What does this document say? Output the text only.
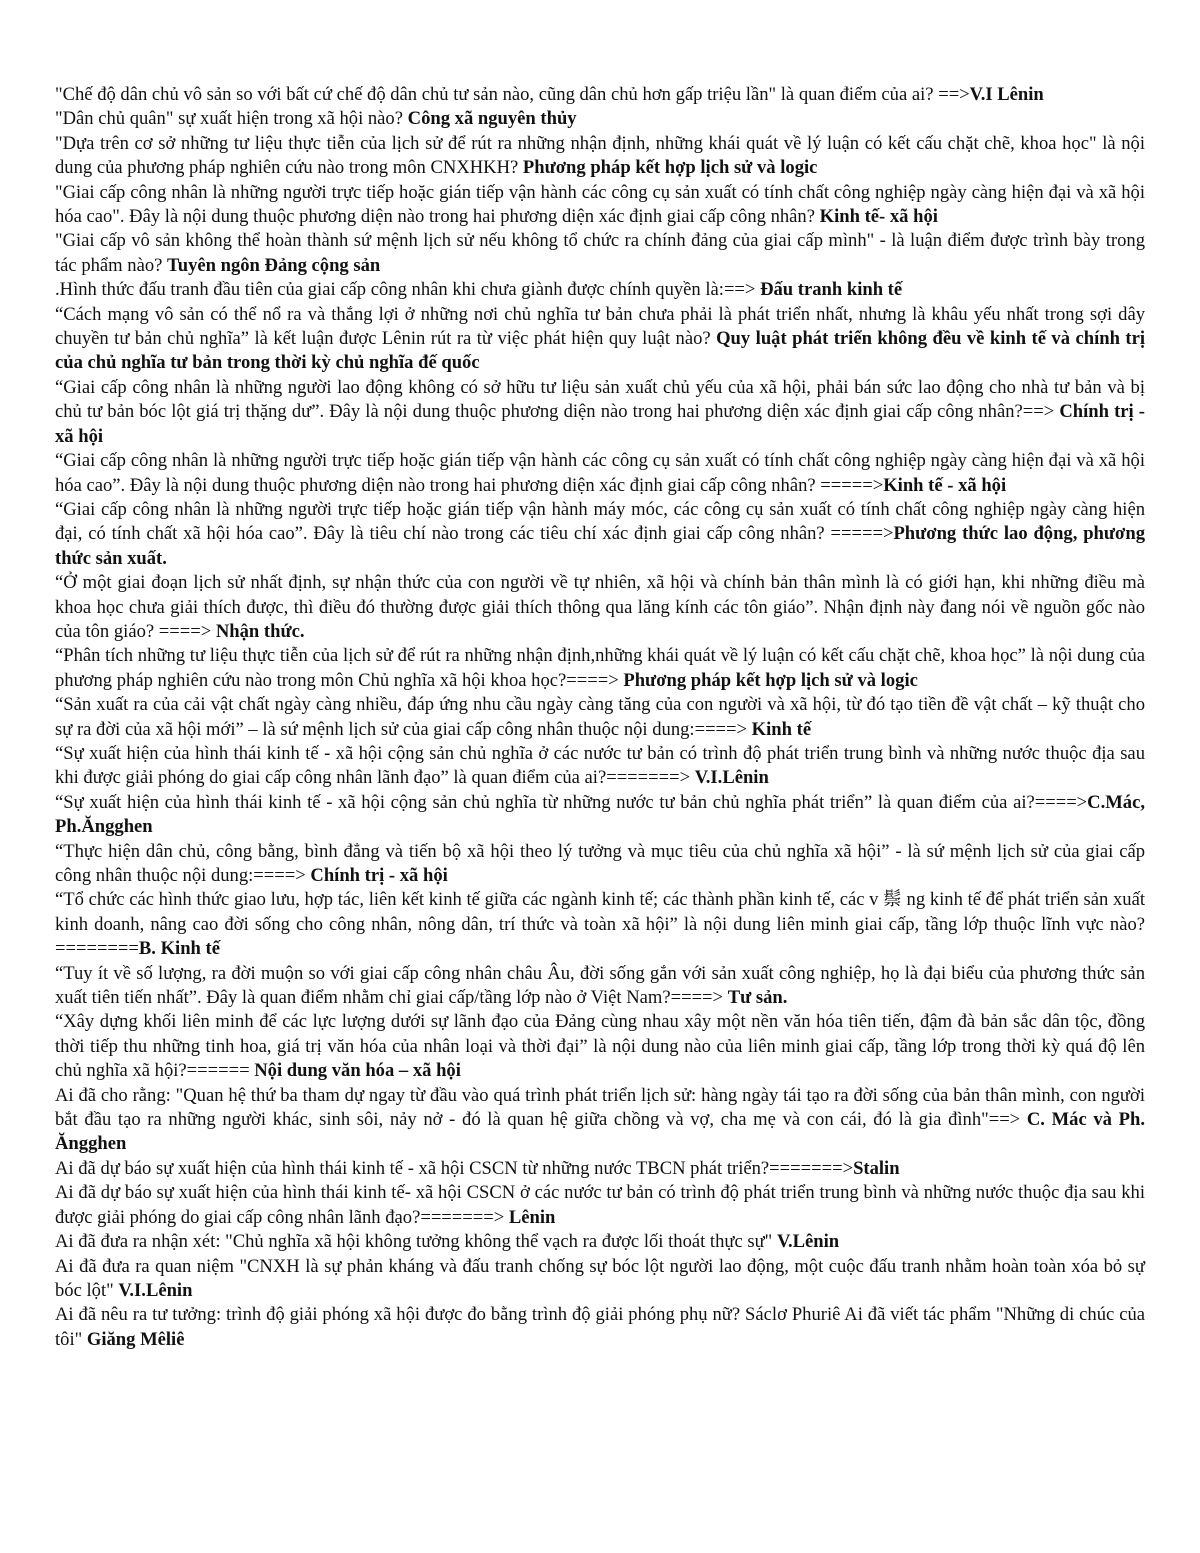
"Chế độ dân chủ vô sản so với bất cứ chế độ dân chủ tư sản nào, cũng dân chủ hơn gấp triệu lần" là quan điểm của ai? ==>V.I Lênin

"Dân chủ quân" sự xuất hiện trong xã hội nào? Công xã nguyên thủy

"Dựa trên cơ sở những tư liệu thực tiễn của lịch sử để rút ra những nhận định, những khái quát về lý luận có kết cấu chặt chẽ, khoa học" là nội dung của phương pháp nghiên cứu nào trong môn CNXHKH? Phương pháp kết hợp lịch sử và logic

"Giai cấp công nhân là những người trực tiếp hoặc gián tiếp vận hành các công cụ sản xuất có tính chất công nghiệp ngày càng hiện đại và xã hội hóa cao". Đây là nội dung thuộc phương diện nào trong hai phương diện xác định giai cấp công nhân? Kinh tế- xã hội

"Giai cấp vô sản không thể hoàn thành sứ mệnh lịch sử nếu không tổ chức ra chính đảng của giai cấp mình" - là luận điểm được trình bày trong tác phẩm nào? Tuyên ngôn Đảng cộng sản

.Hình thức đấu tranh đầu tiên của giai cấp công nhân khi chưa giành được chính quyền là:==> Đấu tranh kinh tế

“Cách mạng vô sản có thể nổ ra và thắng lợi ở những nơi chủ nghĩa tư bản chưa phải là phát triển nhất, nhưng là khâu yếu nhất trong sợi dây chuyền tư bản chủ nghĩa” là kết luận được Lênin rút ra từ việc phát hiện quy luật nào? Quy luật phát triển không đều về kinh tế và chính trị của chủ nghĩa tư bản trong thời kỳ chủ nghĩa đế quốc

“Giai cấp công nhân là những người lao động không có sở hữu tư liệu sản xuất chủ yếu của xã hội, phải bán sức lao động cho nhà tư bản và bị chủ tư bản bóc lột giá trị thặng dư”. Đây là nội dung thuộc phương diện nào trong hai phương diện xác định giai cấp công nhân?==> Chính trị - xã hội

“Giai cấp công nhân là những người trực tiếp hoặc gián tiếp vận hành các công cụ sản xuất có tính chất công nghiệp ngày càng hiện đại và xã hội hóa cao”. Đây là nội dung thuộc phương diện nào trong hai phương diện xác định giai cấp công nhân? =====>Kinh tế - xã hội

“Giai cấp công nhân là những người trực tiếp hoặc gián tiếp vận hành máy móc, các công cụ sản xuất có tính chất công nghiệp ngày càng hiện đại, có tính chất xã hội hóa cao”. Đây là tiêu chí nào trong các tiêu chí xác định giai cấp công nhân? =====>Phương thức lao động, phương thức sản xuất.

“Ở một giai đoạn lịch sử nhất định, sự nhận thức của con người về tự nhiên, xã hội và chính bản thân mình là có giới hạn, khi những điều mà khoa học chưa giải thích được, thì điều đó thường được giải thích thông qua lăng kính các tôn giáo”. Nhận định này đang nói về nguồn gốc nào của tôn giáo? ====> Nhận thức.

“Phân tích những tư liệu thực tiễn của lịch sử để rút ra những nhận định,những khái quát về lý luận có kết cấu chặt chẽ, khoa học” là nội dung của phương pháp nghiên cứu nào trong môn Chủ nghĩa xã hội khoa học?====> Phương pháp kết hợp lịch sử và logic

“Sản xuất ra của cải vật chất ngày càng nhiều, đáp ứng nhu cầu ngày càng tăng của con người và xã hội, từ đó tạo tiền đề vật chất – kỹ thuật cho sự ra đời của xã hội mới” – là sứ mệnh lịch sử của giai cấp công nhân thuộc nội dung:====> Kinh tế

“Sự xuất hiện của hình thái kinh tế - xã hội cộng sản chủ nghĩa ở các nước tư bản có trình độ phát triển trung bình và những nước thuộc địa sau khi được giải phóng do giai cấp công nhân lãnh đạo” là quan điểm của ai?=======> V.I.Lênin

“Sự xuất hiện của hình thái kinh tế - xã hội cộng sản chủ nghĩa từ những nước tư bản chủ nghĩa phát triển” là quan điểm của ai?====>C.Mác, Ph.Ăngghen

“Thực hiện dân chủ, công bằng, bình đẳng và tiến bộ xã hội theo lý tưởng và mục tiêu của chủ nghĩa xã hội” - là sứ mệnh lịch sử của giai cấp công nhân thuộc nội dung:====> Chính trị - xã hội

“Tổ chức các hình thức giao lưu, hợp tác, liên kết kinh tế giữa các ngành kinh tế; các thành phần kinh tế, các v 鬃 ng kinh tế để phát triển sản xuất kinh doanh, nâng cao đời sống cho công nhân, nông dân, trí thức và toàn xã hội” là nội dung liên minh giai cấp, tầng lớp thuộc lĩnh vực nào?========B. Kinh tế

“Tuy ít về số lượng, ra đời muộn so với giai cấp công nhân châu Âu, đời sống gắn với sản xuất công nghiệp, họ là đại biểu của phương thức sản xuất tiên tiến nhất”. Đây là quan điểm nhằm chỉ giai cấp/tầng lớp nào ở Việt Nam?====> Tư sản.

“Xây dựng khối liên minh để các lực lượng dưới sự lãnh đạo của Đảng cùng nhau xây một nền văn hóa tiên tiến, đậm đà bản sắc dân tộc, đồng thời tiếp thu những tinh hoa, giá trị văn hóa của nhân loại và thời đại” là nội dung nào của liên minh giai cấp, tầng lớp trong thời kỳ quá độ lên chủ nghĩa xã hội?====== Nội dung văn hóa – xã hội

Ai đã cho rằng: "Quan hệ thứ ba tham dự ngay từ đầu vào quá trình phát triển lịch sử: hàng ngày tái tạo ra đời sống của bản thân mình, con người bắt đầu tạo ra những người khác, sinh sôi, nảy nở - đó là quan hệ giữa chồng và vợ, cha mẹ và con cái, đó là gia đình"==> C. Mác và Ph. Ăngghen

Ai đã dự báo sự xuất hiện của hình thái kinh tế - xã hội CSCN từ những nước TBCN phát triển?=======>Stalin

Ai đã dự báo sự xuất hiện của hình thái kinh tế- xã hội CSCN ở các nước tư bản có trình độ phát triển trung bình và những nước thuộc địa sau khi được giải phóng do giai cấp công nhân lãnh đạo?=======> Lênin

Ai đã đưa ra nhận xét: "Chủ nghĩa xã hội không tưởng không thể vạch ra được lối thoát thực sự" V.Lênin

Ai đã đưa ra quan niệm "CNXH là sự phản kháng và đấu tranh chống sự bóc lột người lao động, một cuộc đấu tranh nhằm hoàn toàn xóa bỏ sự bóc lột" V.I.Lênin

Ai đã nêu ra tư tưởng: trình độ giải phóng xã hội được đo bằng trình độ giải phóng phụ nữ? Sáclơ Phuriê Ai đã viết tác phẩm "Những di chúc của tôi" Giăng Mêliê
